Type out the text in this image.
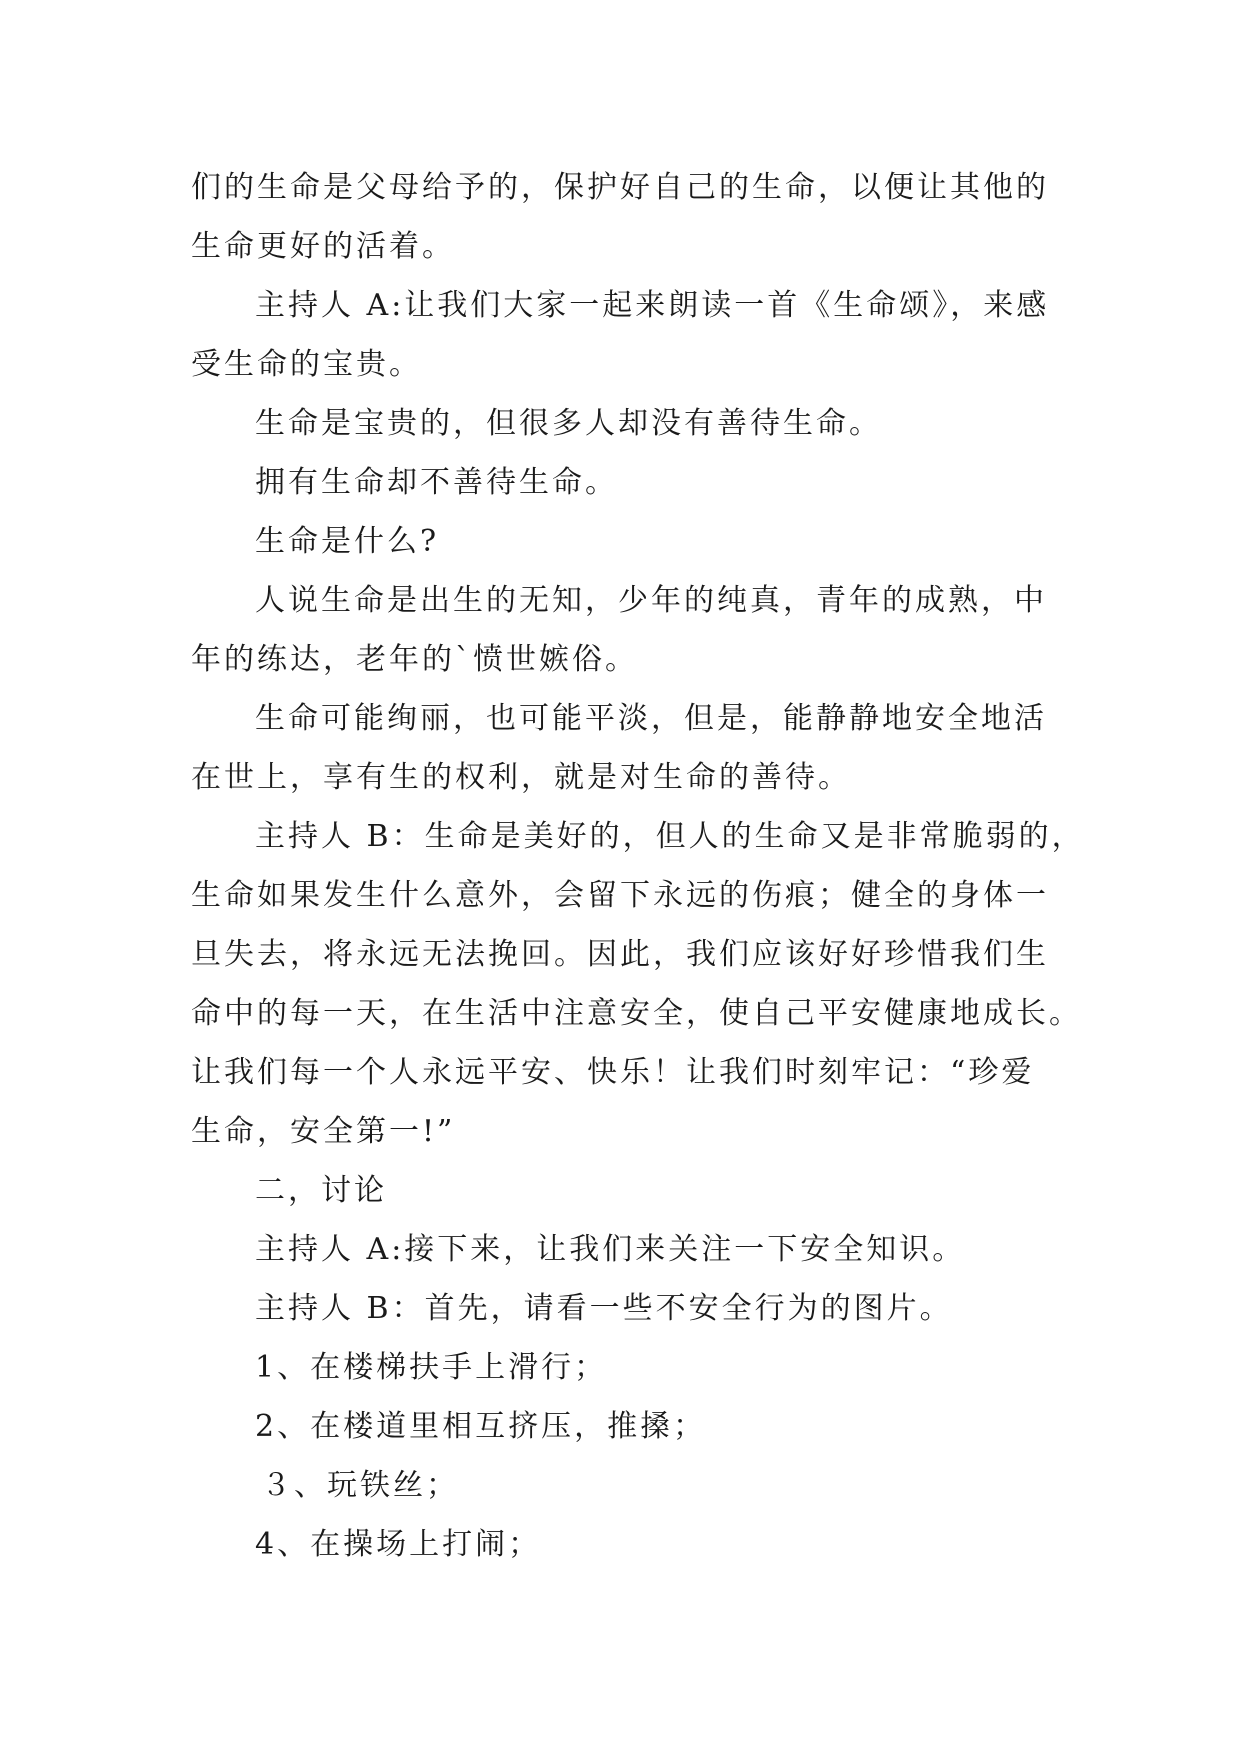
们的生命是父母给予的，保护好自己的生命，以便让其他的
生命更好的活着。
主持人 A:让我们大家一起来朗读一首《生命颂》，来感
受生命的宝贵。
生命是宝贵的，但很多人却没有善待生命。
拥有生命却不善待生命。
生命是什么?
人说生命是出生的无知，少年的纯真，青年的成熟，中
年的练达，老年的`愤世嫉俗。
生命可能绚丽，也可能平淡，但是，能静静地安全地活
在世上，享有生的权利，就是对生命的善待。
主持人 B：生命是美好的，但人的生命又是非常脆弱的，
生命如果发生什么意外，会留下永远的伤痕；健全的身体一
旦失去，将永远无法挽回。因此，我们应该好好珍惜我们生
命中的每一天，在生活中注意安全，使自己平安健康地成长。
让我们每一个人永远平安、快乐！让我们时刻牢记：“珍爱
生命，安全第一!”
二，讨论
主持人 A:接下来，让我们来关注一下安全知识。
主持人 B：首先，请看一些不安全行为的图片。
1、在楼梯扶手上滑行；
2、在楼道里相互挤压，推搡；
３、玩铁丝；
4、在操场上打闹；
